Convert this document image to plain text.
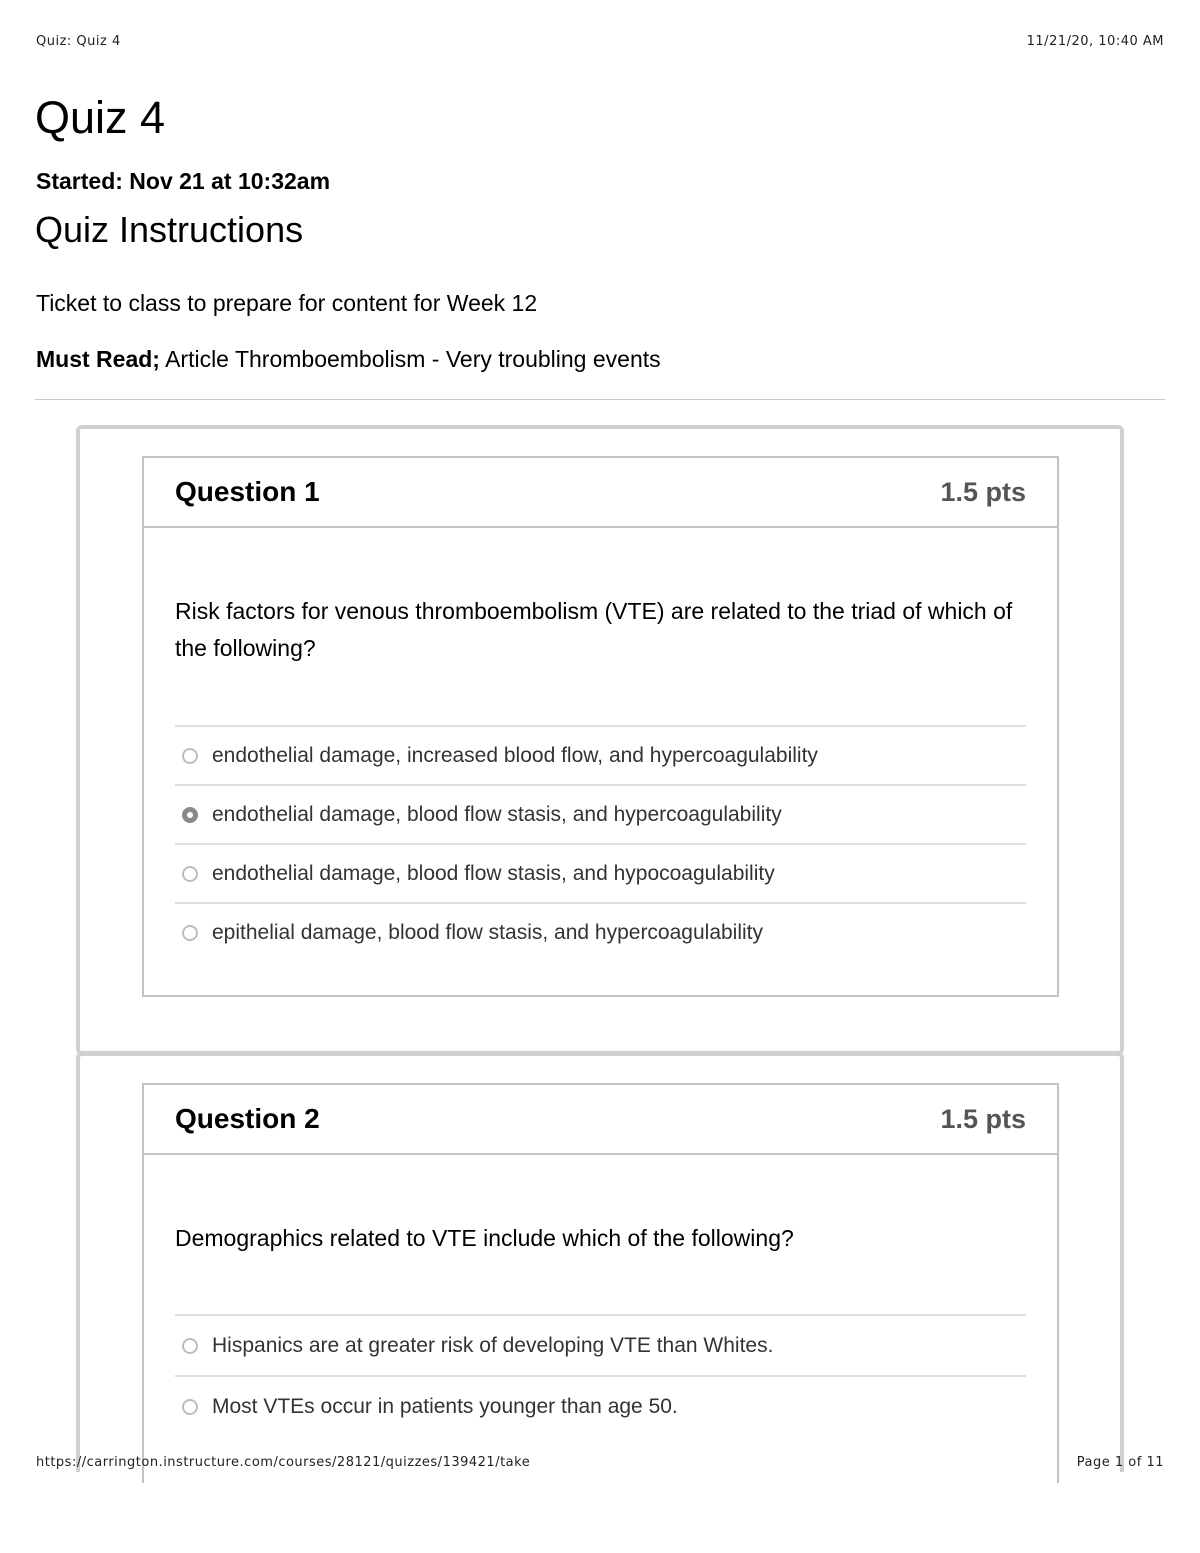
Quiz: Quiz 4	11/21/20, 10:40 AM
Quiz 4
Started: Nov 21 at 10:32am
Quiz Instructions
Ticket to class to prepare for content for Week 12
Must Read; Article Thromboembolism - Very troubling events
Question 1	1.5 pts
Risk factors for venous thromboembolism (VTE) are related to the triad of which of the following?
endothelial damage, increased blood flow, and hypercoagulability
endothelial damage, blood flow stasis, and hypercoagulability
endothelial damage, blood flow stasis, and hypocoagulability
epithelial damage, blood flow stasis, and hypercoagulability
Question 2	1.5 pts
Demographics related to VTE include which of the following?
Hispanics are at greater risk of developing VTE than Whites.
Most VTEs occur in patients younger than age 50.
https://carrington.instructure.com/courses/28121/quizzes/139421/take	Page 1 of 11
